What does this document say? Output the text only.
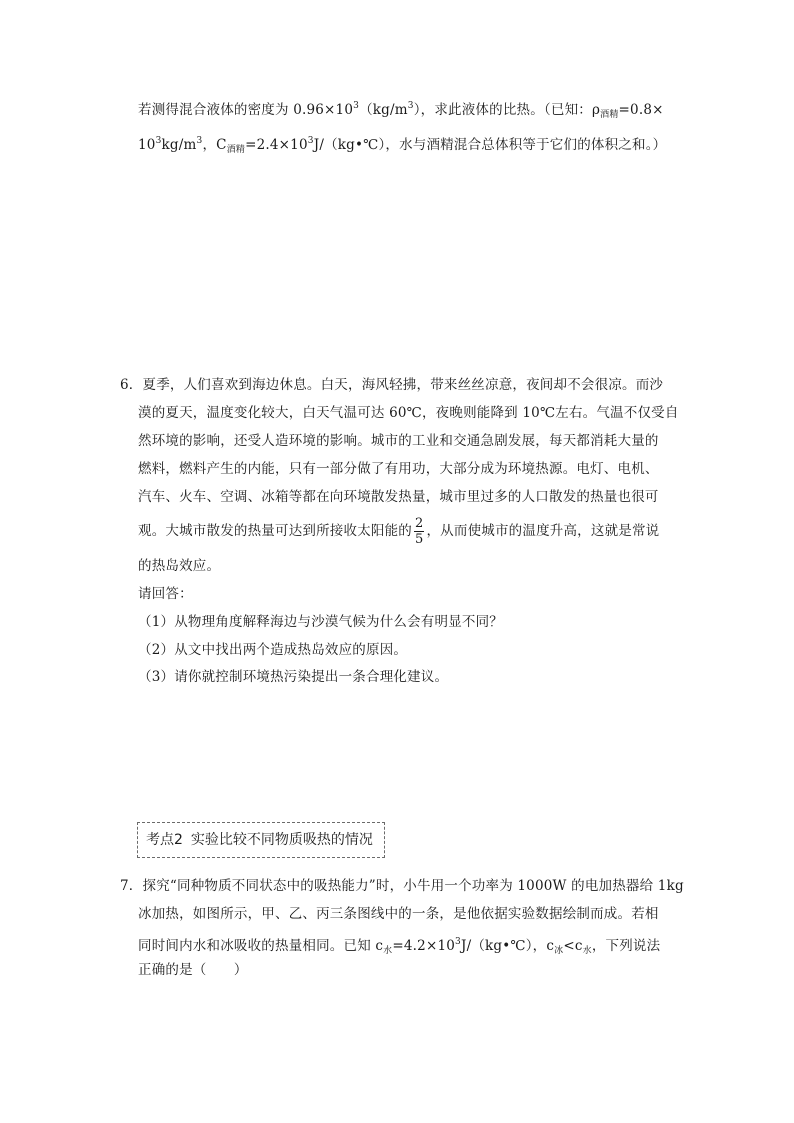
若测得混合液体的密度为 $0.96\times 10^3(kg/m^3)$，求此液体的比热。（已知：$\rho_{酒精}=0.8\times$
$10^3kg/m^3$，$C_{酒精}=2.4\times 10^3J/(kg•℃)$，水与酒精混合总体积等于它们的体积之和。）
6．夏季，人们喜欢到海边休息。白天，海风轻拂，带来丝丝凉意，夜间却不会很凉。而沙
漠的夏天，温度变化较大，白天气温可达 60℃，夜晚则能降到 10℃左右。气温不仅受自
然环境的影响，还受人造环境的影响。城市的工业和交通急剧发展，每天都消耗大量的
燃料，燃料产生的内能，只有一部分做了有用功，大部分成为环境热源。电灯、电机、
汽车、火车、空调、冰箱等都在向环境散发热量，城市里过多的人口散发的热量也很可
观。大城市散发的热量可达到所接收太阳能的 $\frac{2}{5}$ ，从而使城市的温度升高，这就是常说
的热岛效应。
请回答：
（1）从物理角度解释海边与沙漠气候为什么会有明显不同？
（2）从文中找出两个造成热岛效应的原因。
（3）请你就控制环境热污染提出一条合理化建议。
考点2 实验比较不同物质吸热的情况
7．探究“同种物质不同状态中的吸热能力”时，小牛用一个功率为 1000W 的电加热器给 1kg
冰加热，如图所示，甲、乙、丙三条图线中的一条，是他依据实验数据绘制而成。若相
同时间内水和冰吸收的热量相同。已知 $c_水=4.2\times 10^3J/(kg•℃)$，$c_冰<c_水$，下列说法
正确的是（　　）
